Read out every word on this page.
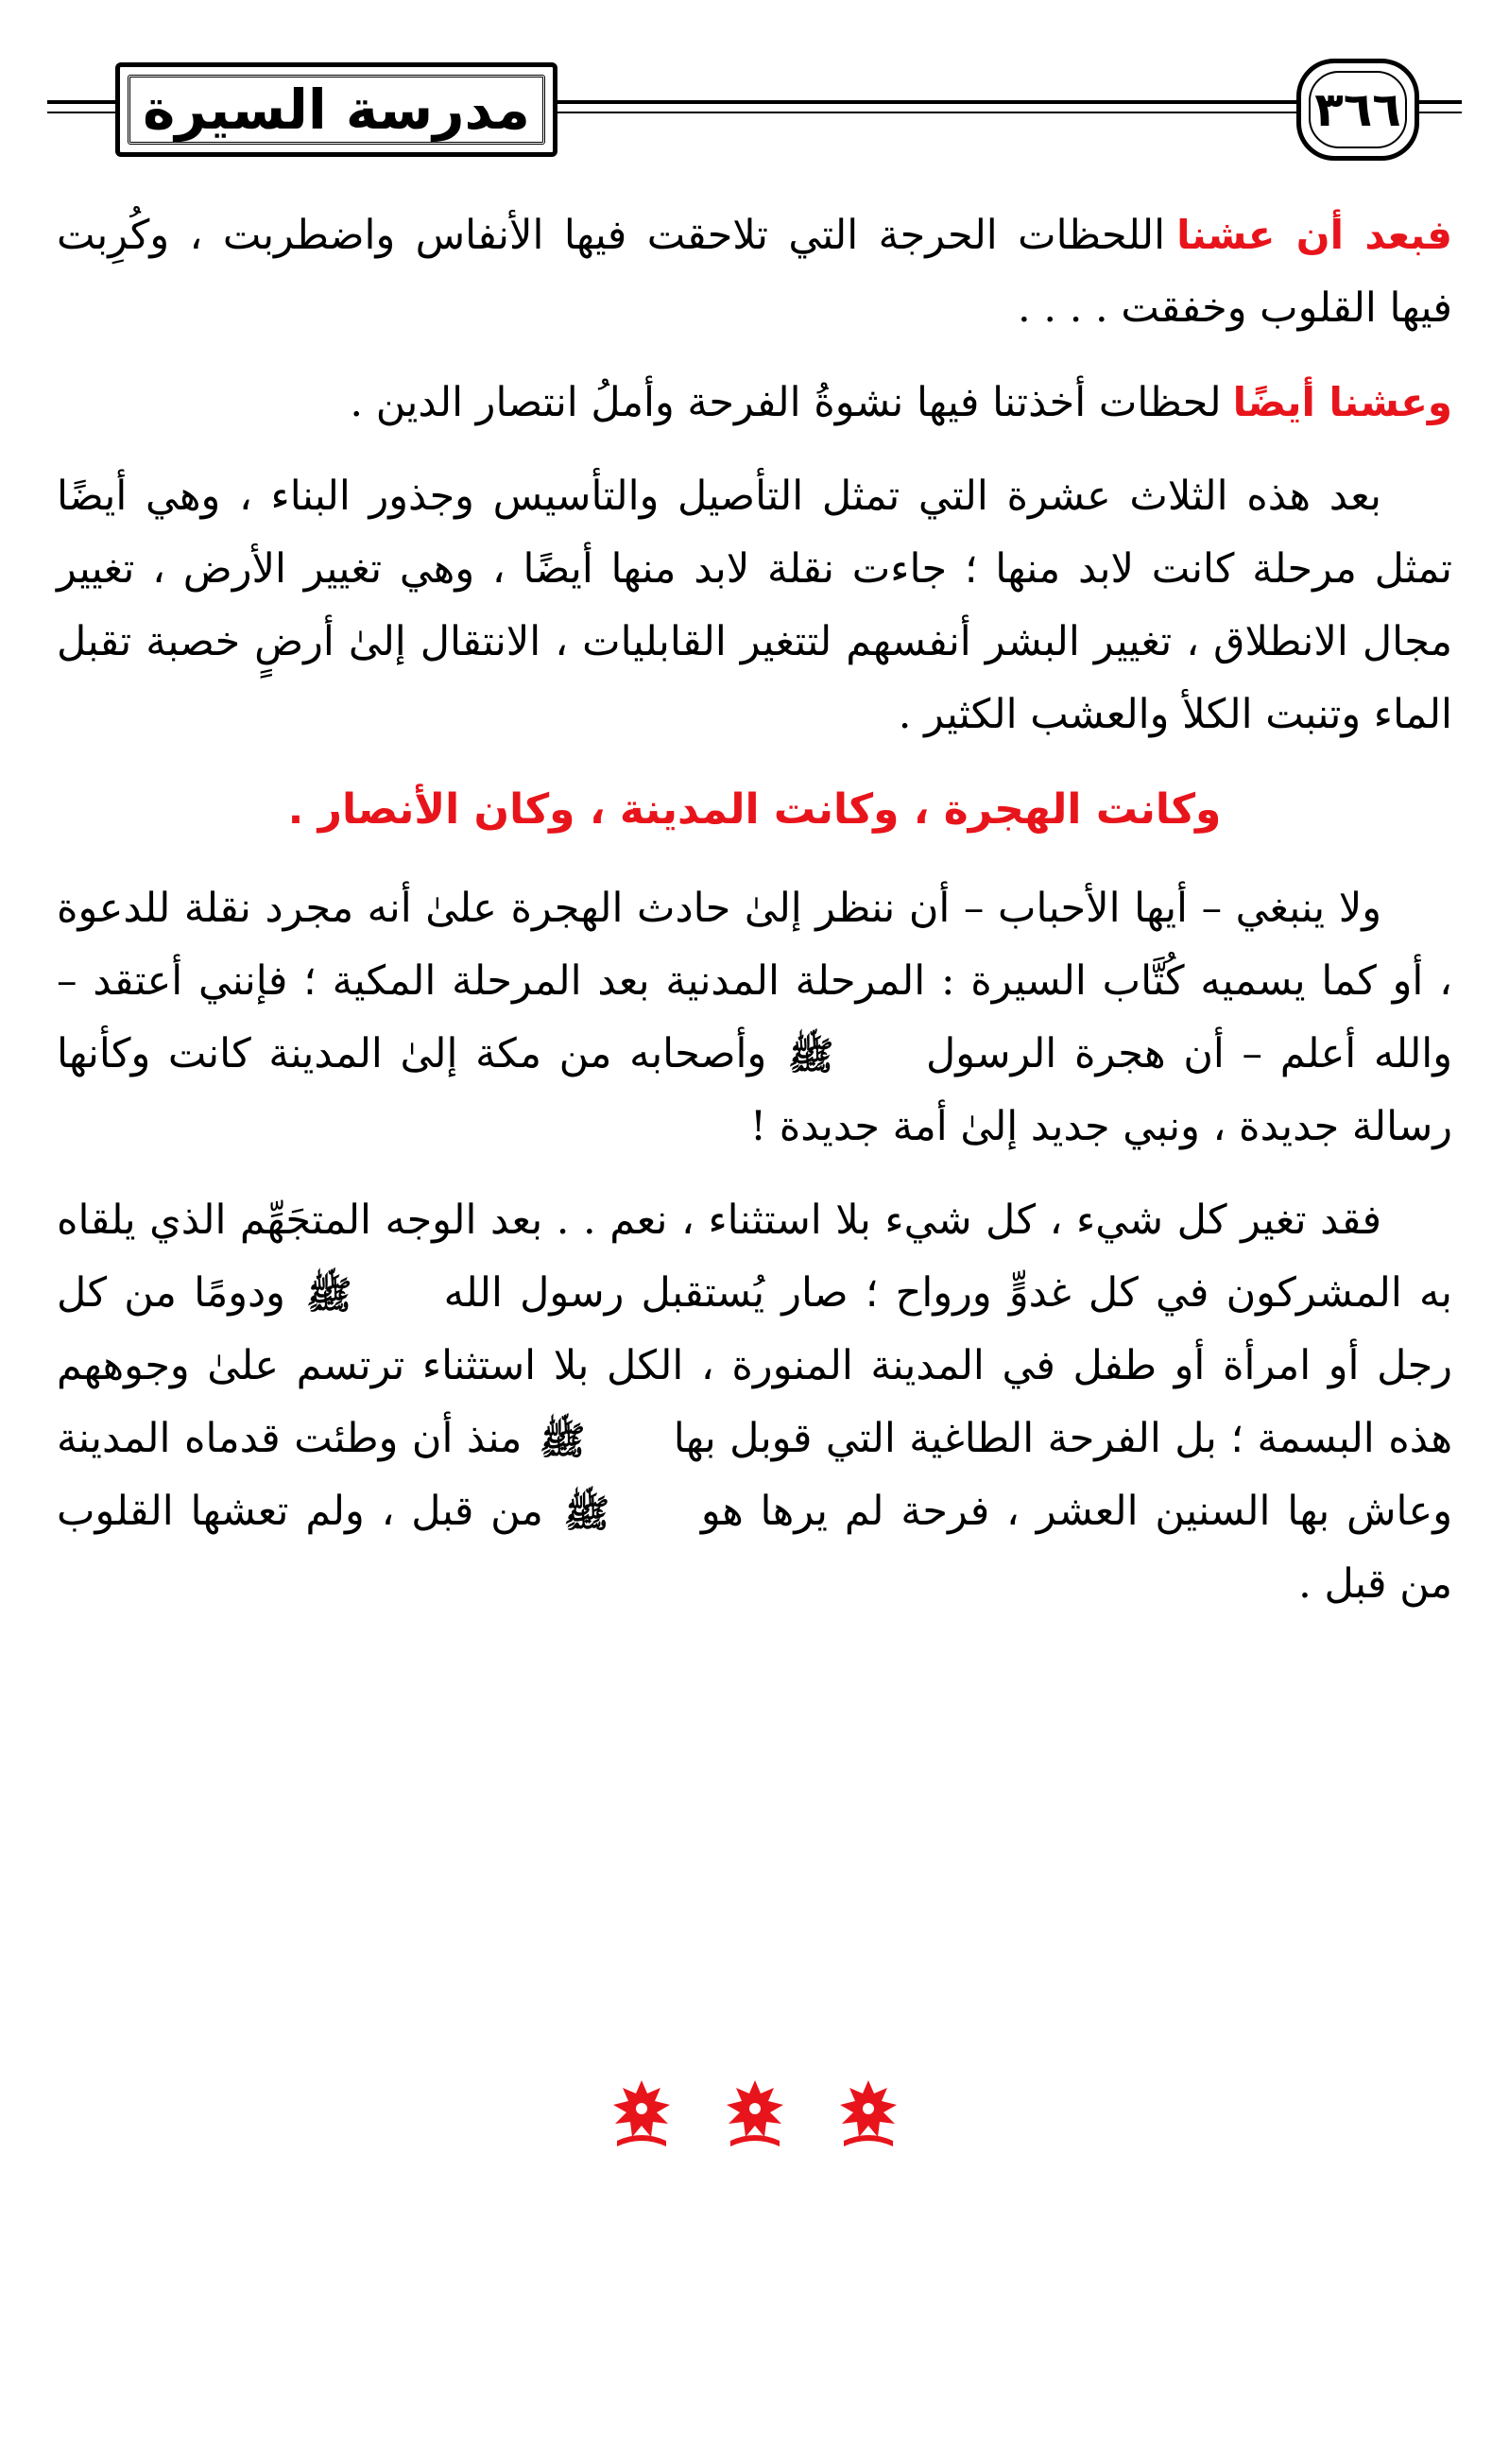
مدرسة السيرة	٣٦٦

فبعد أن عشنااللحظات الحرجة التي تلاحقت فيها الأنفاس واضطربت ، وكُرِبت فيها القلوب وخفقت . . . .

وعشنا أيضًالحظات أخذتنا فيها نشوةُ الفرحة وأملُ انتصار الدين .

بعد هذه الثلاث عشرة التي تمثل التأصيل والتأسيس وجذور البناء ، وهي أيضًا تمثل مرحلة كانت لابد منها ؛ جاءت نقلة لابد منها أيضًا ، وهي تغيير الأرض ، تغيير مجال الانطلاق ، تغيير البشر أنفسهم لتتغير القابليات ، الانتقال إلىٰ أرضٍ خصبة تقبل الماء وتنبت الكلأ والعشب الكثير .

وكانت الهجرة ، وكانت المدينة ، وكان الأنصار .

ولا ينبغي – أيها الأحباب – أن ننظر إلىٰ حادث الهجرة علىٰ أنه مجرد نقلة للدعوة ، أو كما يسميه كُتَّاب السيرة : المرحلة المدنية بعد المرحلة المكية ؛ فإنني أعتقد – والله أعلم – أن هجرة الرسول ﷺ وأصحابه من مكة إلىٰ المدينة كانت وكأنها رسالة جديدة ، ونبي جديد إلىٰ أمة جديدة !

فقد تغير كل شيء ، كل شيء بلا استثناء ، نعم . . بعد الوجه المتجَهِّم الذي يلقاه به المشركون في كل غدوٍّ ورواح ؛ صار يُستقبل رسول الله ﷺ ودومًا من كل رجل أو امرأة أو طفل في المدينة المنورة ، الكل بلا استثناء ترتسم علىٰ وجوههم هذه البسمة ؛ بل الفرحة الطاغية التي قوبل بها ﷺ منذ أن وطئت قدماه المدينة وعاش بها السنين العشر ، فرحة لم يرها هو ﷺ من قبل ، ولم تعشها القلوب من قبل .
